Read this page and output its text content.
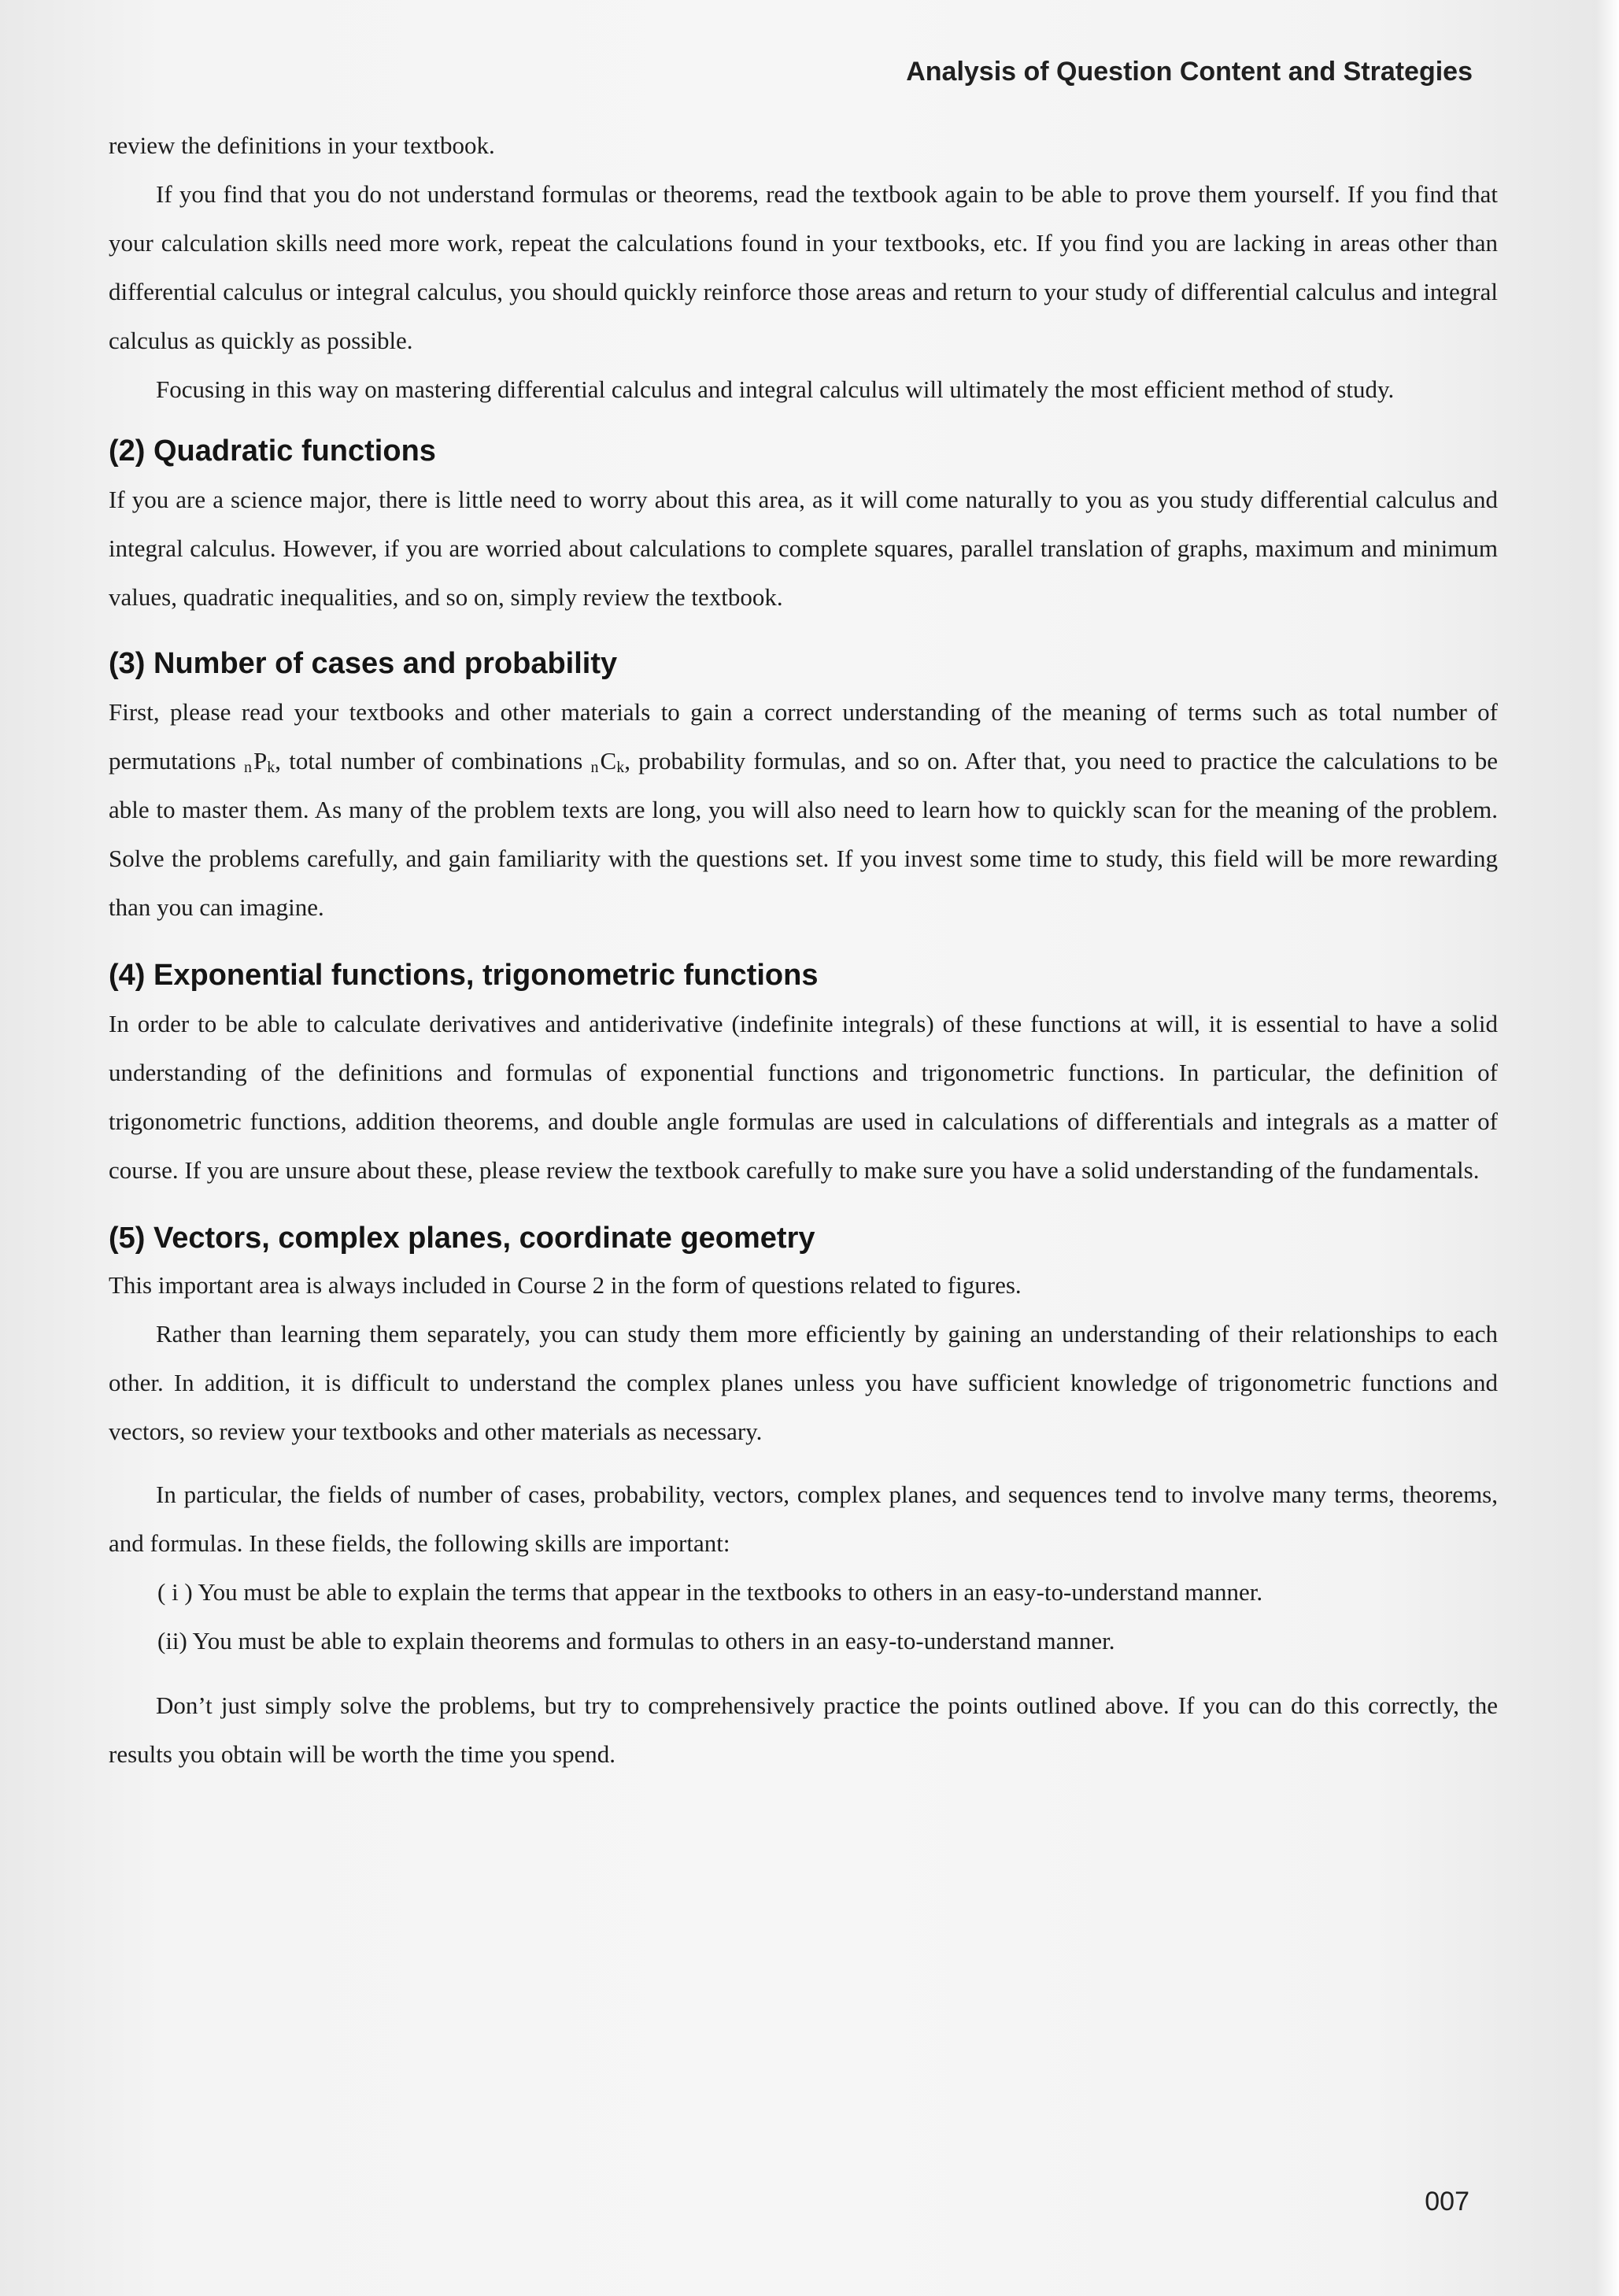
Analysis of Question Content and Strategies

review the definitions in your textbook.

If you find that you do not understand formulas or theorems, read the textbook again to be able to prove them yourself. If you find that your calculation skills need more work, repeat the calculations found in your textbooks, etc. If you find you are lacking in areas other than differential calculus or integral calculus, you should quickly reinforce those areas and return to your study of differential calculus and integral calculus as quickly as possible.

Focusing in this way on mastering differential calculus and integral calculus will ultimately the most efficient method of study.

(2) Quadratic functions

If you are a science major, there is little need to worry about this area, as it will come naturally to you as you study differential calculus and integral calculus. However, if you are worried about calculations to complete squares, parallel translation of graphs, maximum and minimum values, quadratic inequalities, and so on, simply review the textbook.

(3) Number of cases and probability

First, please read your textbooks and other materials to gain a correct understanding of the meaning of terms such as total number of permutations $nP_k$, total number of combinations $nC_k$, probability formulas, and so on. After that, you need to practice the calculations to be able to master them. As many of the problem texts are long, you will also need to learn how to quickly scan for the meaning of the problem. Solve the problems carefully, and gain familiarity with the questions set. If you invest some time to study, this field will be more rewarding than you can imagine.

(4) Exponential functions, trigonometric functions

In order to be able to calculate derivatives and antiderivative (indefinite integrals) of these functions at will, it is essential to have a solid understanding of the definitions and formulas of exponential functions and trigonometric functions. In particular, the definition of trigonometric functions, addition theorems, and double angle formulas are used in calculations of differentials and integrals as a matter of course. If you are unsure about these, please review the textbook carefully to make sure you have a solid understanding of the fundamentals.

(5) Vectors, complex planes, coordinate geometry

This important area is always included in Course 2 in the form of questions related to figures.

Rather than learning them separately, you can study them more efficiently by gaining an understanding of their relationships to each other. In addition, it is difficult to understand the complex planes unless you have sufficient knowledge of trigonometric functions and vectors, so review your textbooks and other materials as necessary.

In particular, the fields of number of cases, probability, vectors, complex planes, and sequences tend to involve many terms, theorems, and formulas. In these fields, the following skills are important:

( i ) You must be able to explain the terms that appear in the textbooks to others in an easy-to-understand manner.

(ii) You must be able to explain theorems and formulas to others in an easy-to-understand manner.

Don’t just simply solve the problems, but try to comprehensively practice the points outlined above. If you can do this correctly, the results you obtain will be worth the time you spend.

007
